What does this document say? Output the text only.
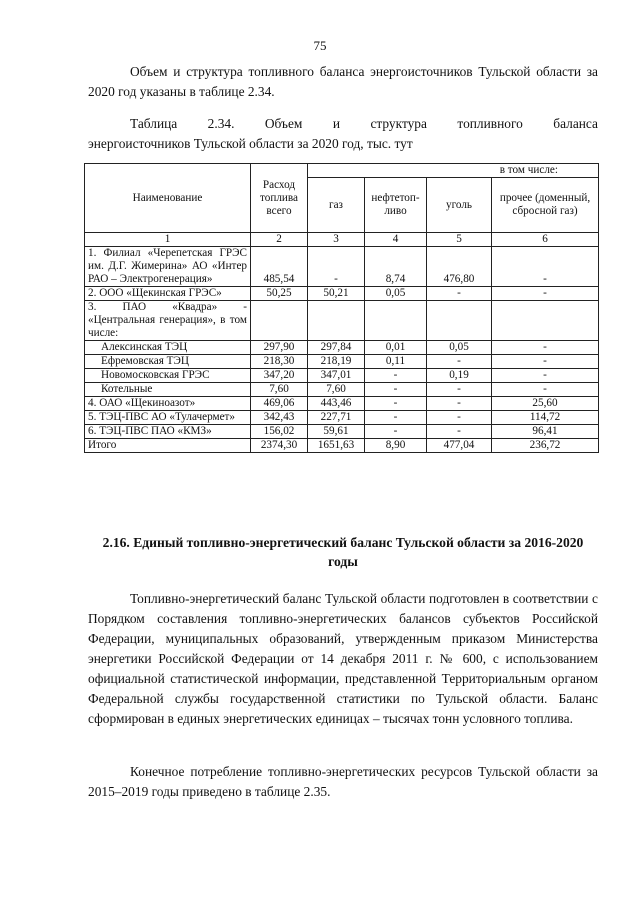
75

Объем и структура топливного баланса энергоисточников Тульской области за 2020 год указаны в таблице 2.34.

Таблица 2.34. Объем и структура топливного баланса
энергоисточников Тульской области за 2020 год, тыс. тут
Наименование	Расход топлива всего	в том числе:			
		газ	нефтетоп-ливо	уголь	прочее (доменный, сбросной газ)
1	2	3	4	5	6
1. Филиал «Черепетская ГРЭС им. Д.Г. Жимерина» АО «Интер РАО – Электрогенерация»	485,54	-	8,74	476,80	-
2. ООО «Щекинская ГРЭС»	50,25	50,21	0,05	-	-
3. ПАО «Квадра» - «Центральная генерация», в том числе:					
Алексинская ТЭЦ	297,90	297,84	0,01	0,05	-
Ефремовская ТЭЦ	218,30	218,19	0,11	-	-
Новомосковская ГРЭС	347,20	347,01	-	0,19	-
Котельные	7,60	7,60	-	-	-
4. ОАО «Щекиноазот»	469,06	443,46	-	-	25,60
5. ТЭЦ-ПВС АО «Тулачермет»	342,43	227,71	-	-	114,72
6. ТЭЦ-ПВС ПАО «КМЗ»	156,02	59,61	-	-	96,41
Итого	2374,30	1651,63	8,90	477,04	236,72
2.16. Единый топливно-энергетический баланс Тульской области за 2016-2020 годы

Топливно-энергетический баланс Тульской области подготовлен в соответствии с Порядком составления топливно-энергетических балансов субъектов Российской Федерации, муниципальных образований, утвержденным приказом Министерства энергетики Российской Федерации от 14 декабря 2011 г. № 600, с использованием официальной статистической информации, представленной Территориальным органом Федеральной службы государственной статистики по Тульской области. Баланс сформирован в единых энергетических единицах – тысячах тонн условного топлива.

Конечное потребление топливно-энергетических ресурсов Тульской области за 2015–2019 годы приведено в таблице 2.35.
